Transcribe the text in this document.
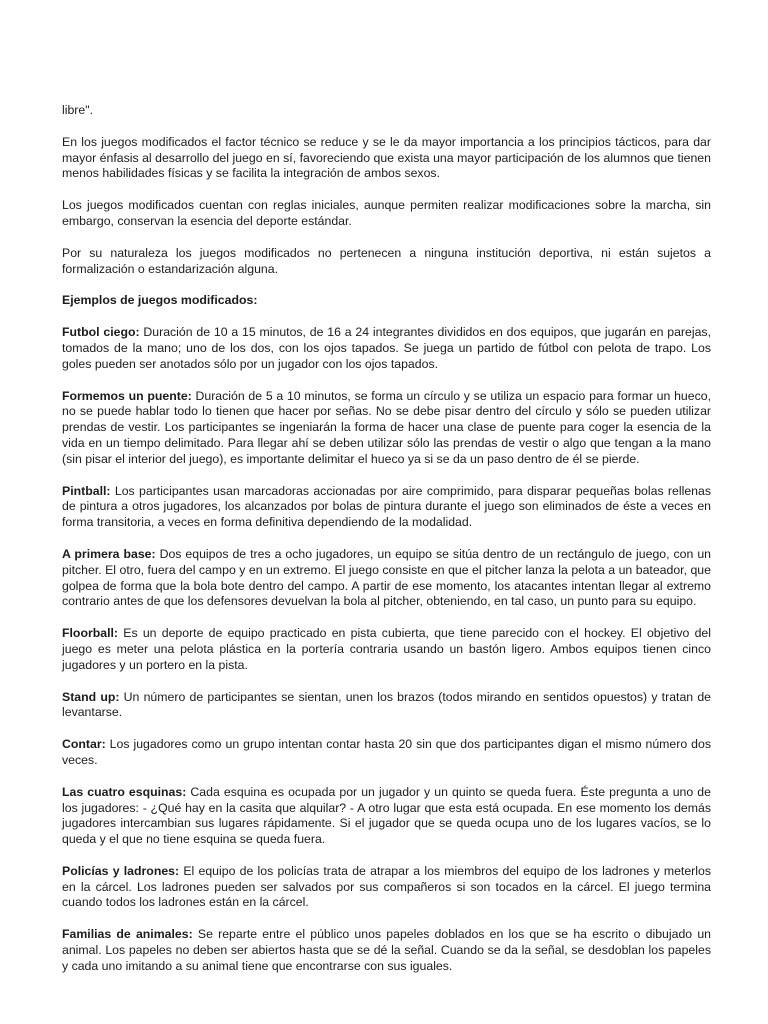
libre".

En los juegos modificados el factor técnico se reduce y se le da mayor importancia a los principios tácticos, para dar mayor énfasis al desarrollo del juego en sí, favoreciendo que exista una mayor participación de los alumnos que tienen menos habilidades físicas y se facilita la integración de ambos sexos.

Los juegos modificados cuentan con reglas iniciales, aunque permiten realizar modificaciones sobre la marcha, sin embargo, conservan la esencia del deporte estándar.

Por su naturaleza los juegos modificados no pertenecen a ninguna institución deportiva, ni están sujetos a formalización o estandarización alguna.

Ejemplos de juegos modificados:

Futbol ciego: Duración de 10 a 15 minutos, de 16 a 24 integrantes divididos en dos equipos, que jugarán en parejas, tomados de la mano; uno de los dos, con los ojos tapados. Se juega un partido de fútbol con pelota de trapo. Los goles pueden ser anotados sólo por un jugador con los ojos tapados.

Formemos un puente: Duración de 5 a 10 minutos, se forma un círculo y se utiliza un espacio para formar un hueco, no se puede hablar todo lo tienen que hacer por señas. No se debe pisar dentro del círculo y sólo se pueden utilizar prendas de vestir. Los participantes se ingeniarán la forma de hacer una clase de puente para coger la esencia de la vida en un tiempo delimitado. Para llegar ahí se deben utilizar sólo las prendas de vestir o algo que tengan a la mano (sin pisar el interior del juego), es importante delimitar el hueco ya si se da un paso dentro de él se pierde.

Pintball: Los participantes usan marcadoras accionadas por aire comprimido, para disparar pequeñas bolas rellenas de pintura a otros jugadores, los alcanzados por bolas de pintura durante el juego son eliminados de éste a veces en forma transitoria, a veces en forma definitiva dependiendo de la modalidad.

A primera base: Dos equipos de tres a ocho jugadores, un equipo se sitúa dentro de un rectángulo de juego, con un pitcher. El otro, fuera del campo y en un extremo. El juego consiste en que el pitcher lanza la pelota a un bateador, que golpea de forma que la bola bote dentro del campo. A partir de ese momento, los atacantes intentan llegar al extremo contrario antes de que los defensores devuelvan la bola al pitcher, obteniendo, en tal caso, un punto para su equipo.

Floorball: Es un deporte de equipo practicado en pista cubierta, que tiene parecido con el hockey. El objetivo del juego es meter una pelota plástica en la portería contraria usando un bastón ligero. Ambos equipos tienen cinco jugadores y un portero en la pista.

Stand up: Un número de participantes se sientan, unen los brazos (todos mirando en sentidos opuestos) y tratan de levantarse.

Contar: Los jugadores como un grupo intentan contar hasta 20 sin que dos participantes digan el mismo número dos veces.

Las cuatro esquinas: Cada esquina es ocupada por un jugador y un quinto se queda fuera. Éste pregunta a uno de los jugadores: - ¿Qué hay en la casita que alquilar? - A otro lugar que esta está ocupada. En ese momento los demás jugadores intercambian sus lugares rápidamente. Si el jugador que se queda ocupa uno de los lugares vacíos, se lo queda y el que no tiene esquina se queda fuera.

Policías y ladrones: El equipo de los policías trata de atrapar a los miembros del equipo de los ladrones y meterlos en la cárcel. Los ladrones pueden ser salvados por sus compañeros si son tocados en la cárcel. El juego termina cuando todos los ladrones están en la cárcel.

Familias de animales: Se reparte entre el público unos papeles doblados en los que se ha escrito o dibujado un animal. Los papeles no deben ser abiertos hasta que se dé la señal. Cuando se da la señal, se desdoblan los papeles y cada uno imitando a su animal tiene que encontrarse con sus iguales.
